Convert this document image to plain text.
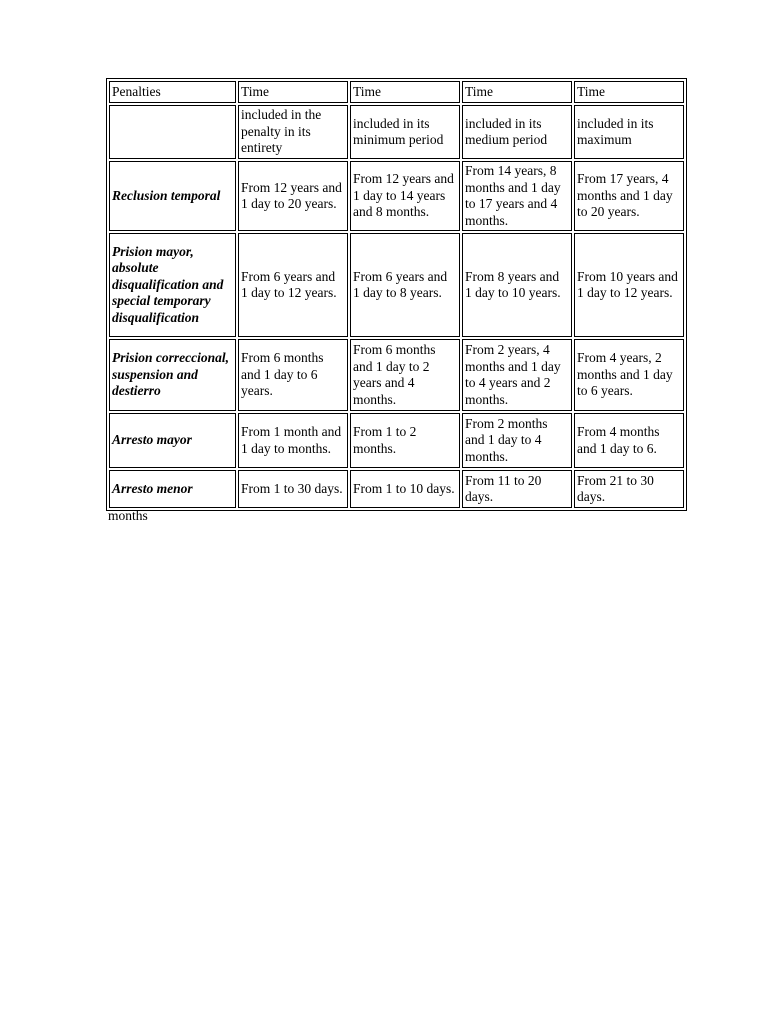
Penalties	Time	Time	Time	Time
	included in the penalty in its entirety	included in its minimum period	included in its medium period	included in its maximum
Reclusion temporal	From 12 years and 1 day to 20 years.	From 12 years and 1 day to 14 years and 8 months.	From 14 years, 8 months and 1 day to 17 years and 4 months.	From 17 years, 4 months and 1 day to 20 years.
Prision mayor, absolute disqualification and special temporary disqualification	From 6 years and 1 day to 12 years.	From 6 years and 1 day to 8 years.	From 8 years and 1 day to 10 years.	From 10 years and 1 day to 12 years.
Prision correccional, suspension and destierro	From 6 months and 1 day to 6 years.	From 6 months and 1 day to 2 years and 4 months.	From 2 years, 4 months and 1 day to 4 years and 2 months.	From 4 years, 2 months and 1 day to 6 years.
Arresto mayor	From 1 month and 1 day to months.	From 1 to 2 months.	From 2 months and 1 day to 4 months.	From 4 months and 1 day to 6.
Arresto menor	From 1 to 30 days.	From 1 to 10 days.	From 11 to 20 days.	From 21 to 30 days.
months
